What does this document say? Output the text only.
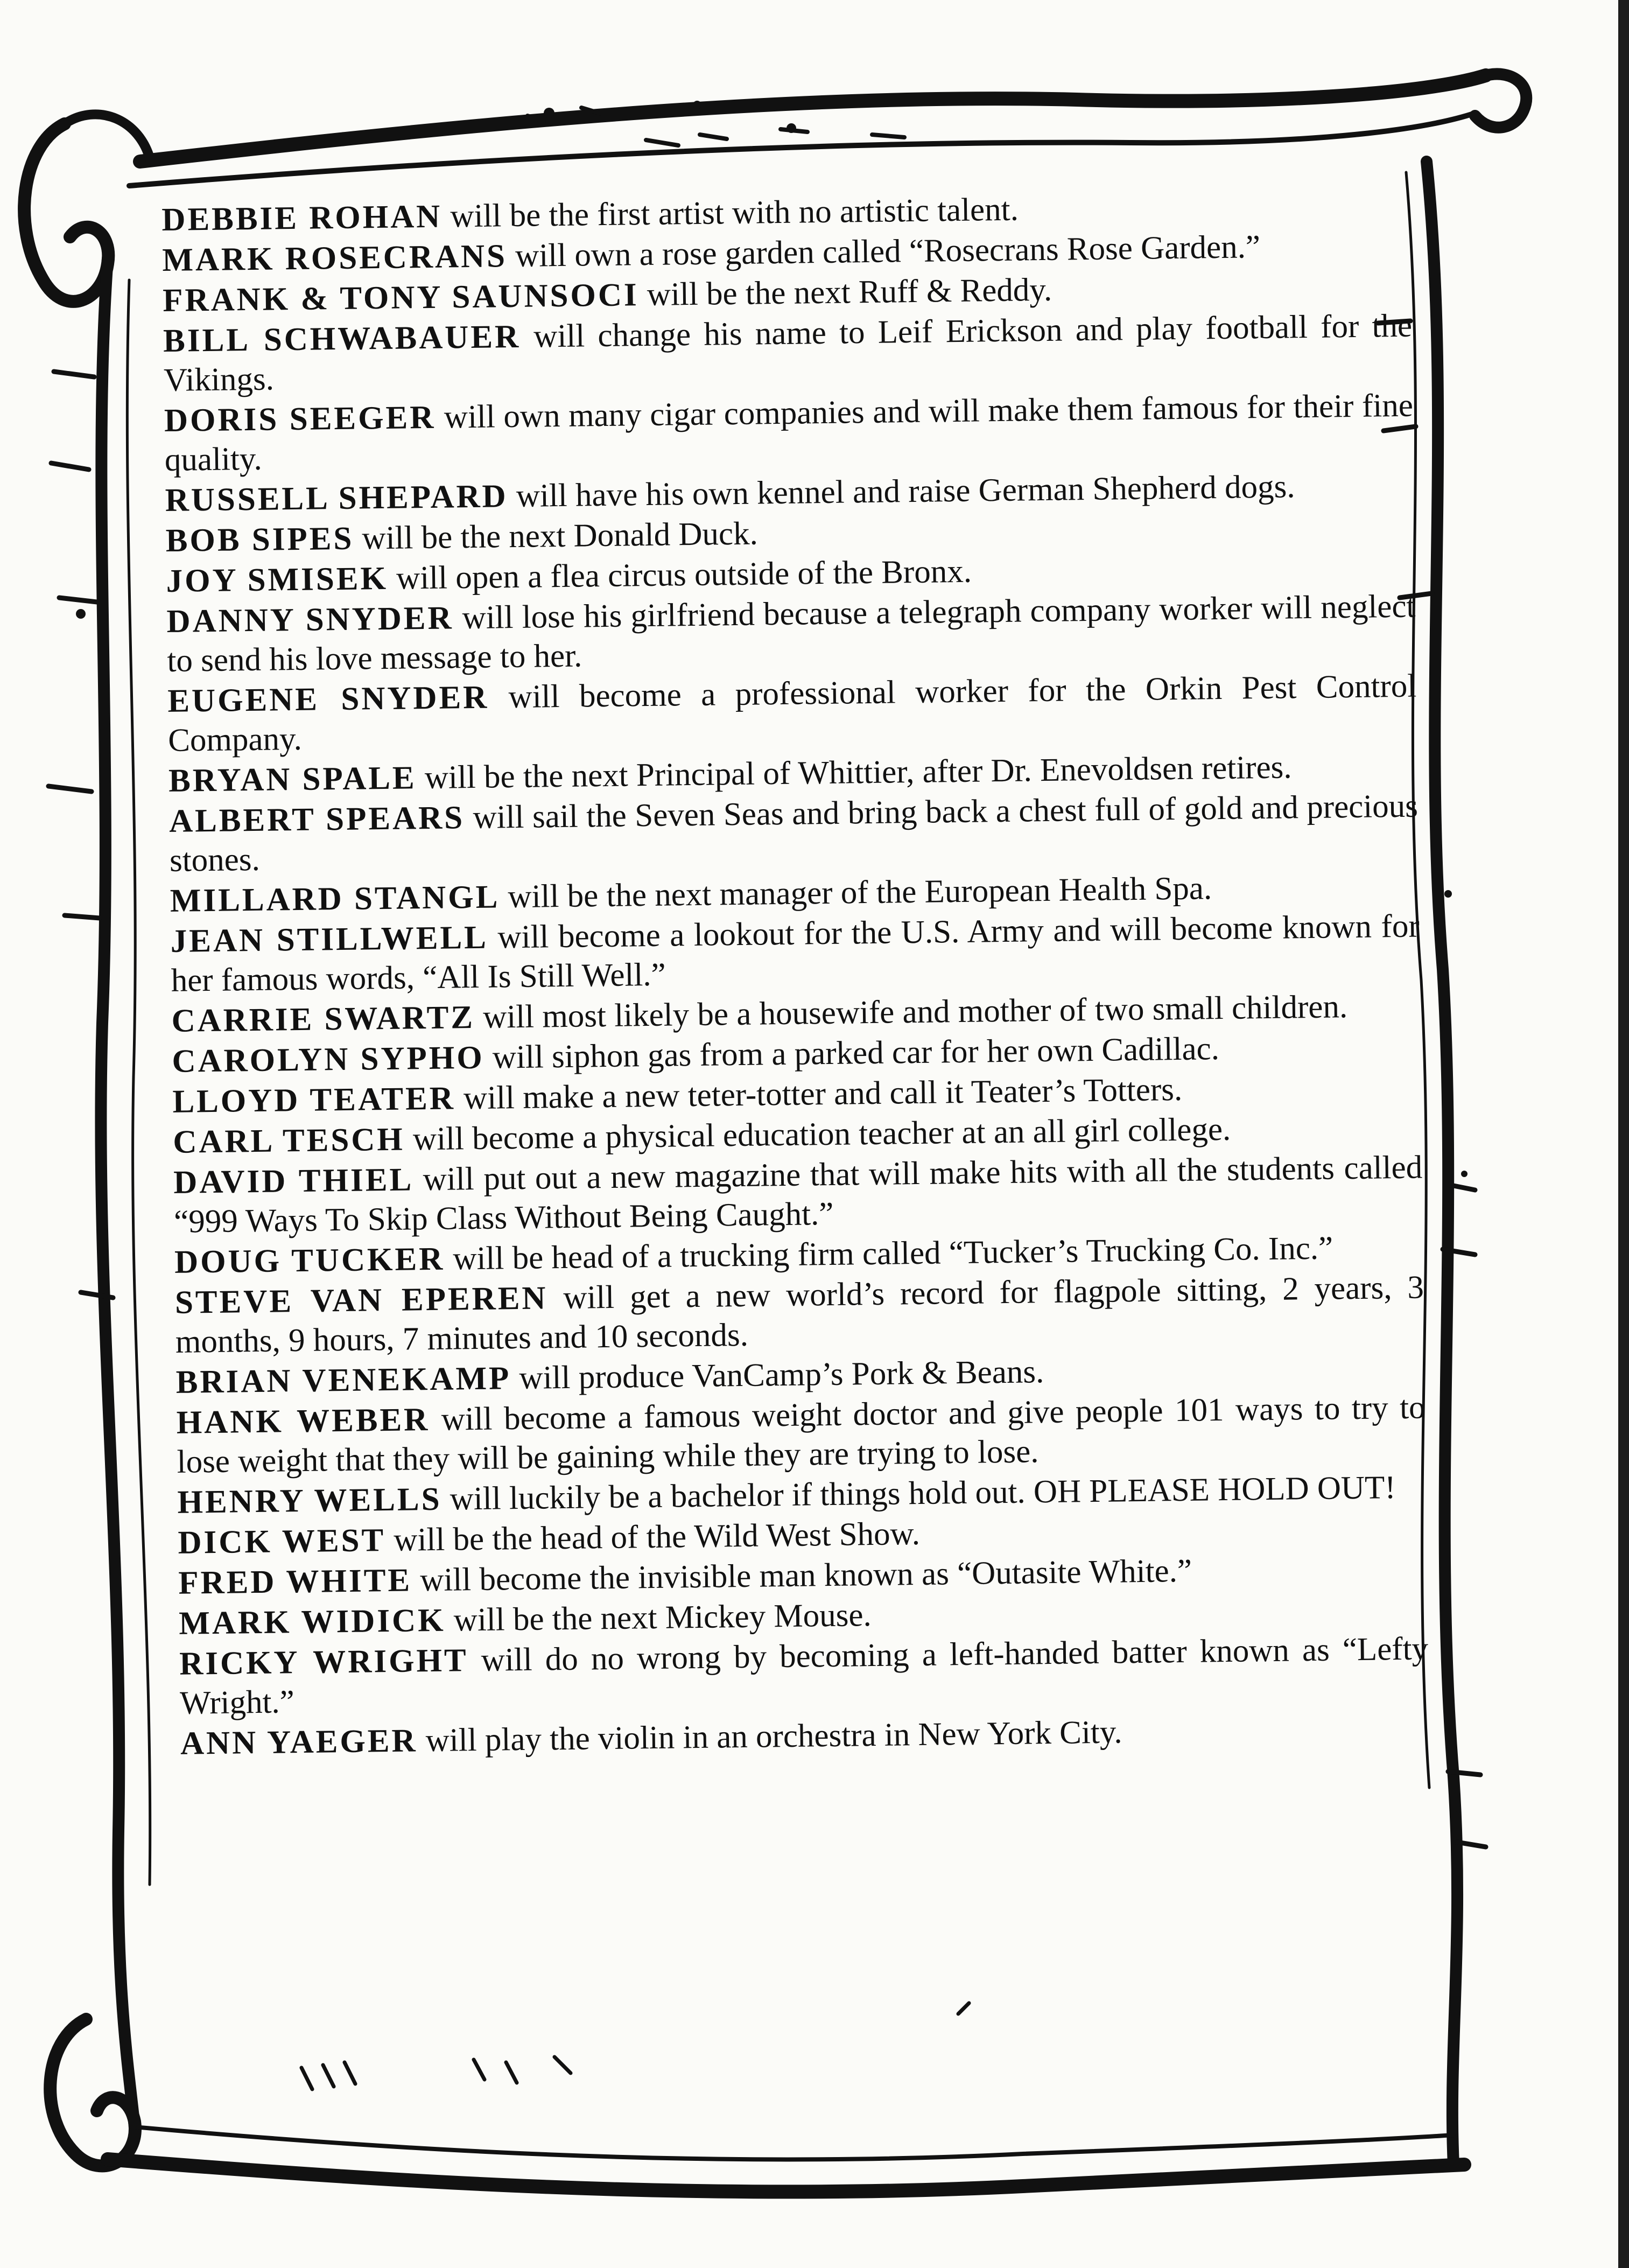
DEBBIE ROHAN will be the first artist with no artistic talent.

MARK ROSECRANS will own a rose garden called “Rosecrans Rose Garden.”

FRANK & TONY SAUNSOCI will be the next Ruff & Reddy.

BILL SCHWABAUER will change his name to Leif Erickson and play football for the Vikings.

DORIS SEEGER will own many cigar companies and will make them famous for their fine quality.

RUSSELL SHEPARD will have his own kennel and raise German Shepherd dogs.

BOB SIPES will be the next Donald Duck.

JOY SMISEK will open a flea circus outside of the Bronx.

DANNY SNYDER will lose his girlfriend because a telegraph company worker will neglect to send his love message to her.

EUGENE SNYDER will become a professional worker for the Orkin Pest Control Company.

BRYAN SPALE will be the next Principal of Whittier, after Dr. Enevoldsen retires.

ALBERT SPEARS will sail the Seven Seas and bring back a chest full of gold and precious stones.

MILLARD STANGL will be the next manager of the European Health Spa.

JEAN STILLWELL will become a lookout for the U.S. Army and will become known for her famous words, “All Is Still Well.”

CARRIE SWARTZ will most likely be a housewife and mother of two small children.

CAROLYN SYPHO will siphon gas from a parked car for her own Cadillac.

LLOYD TEATER will make a new teter-totter and call it Teater’s Totters.

CARL TESCH will become a physical education teacher at an all girl college.

DAVID THIEL will put out a new magazine that will make hits with all the students called “999 Ways To Skip Class Without Being Caught.”

DOUG TUCKER will be head of a trucking firm called “Tucker’s Trucking Co. Inc.”

STEVE VAN EPEREN will get a new world’s record for flagpole sitting, 2 years, 3 months, 9 hours, 7 minutes and 10 seconds.

BRIAN VENEKAMP will produce VanCamp’s Pork & Beans.

HANK WEBER will become a famous weight doctor and give people 101 ways to try to lose weight that they will be gaining while they are trying to lose.

HENRY WELLS will luckily be a bachelor if things hold out. OH PLEASE HOLD OUT!

DICK WEST will be the head of the Wild West Show.

FRED WHITE will become the invisible man known as “Outasite White.”

MARK WIDICK will be the next Mickey Mouse.

RICKY WRIGHT will do no wrong by becoming a left-handed batter known as “Lefty Wright.”

ANN YAEGER will play the violin in an orchestra in New York City.
